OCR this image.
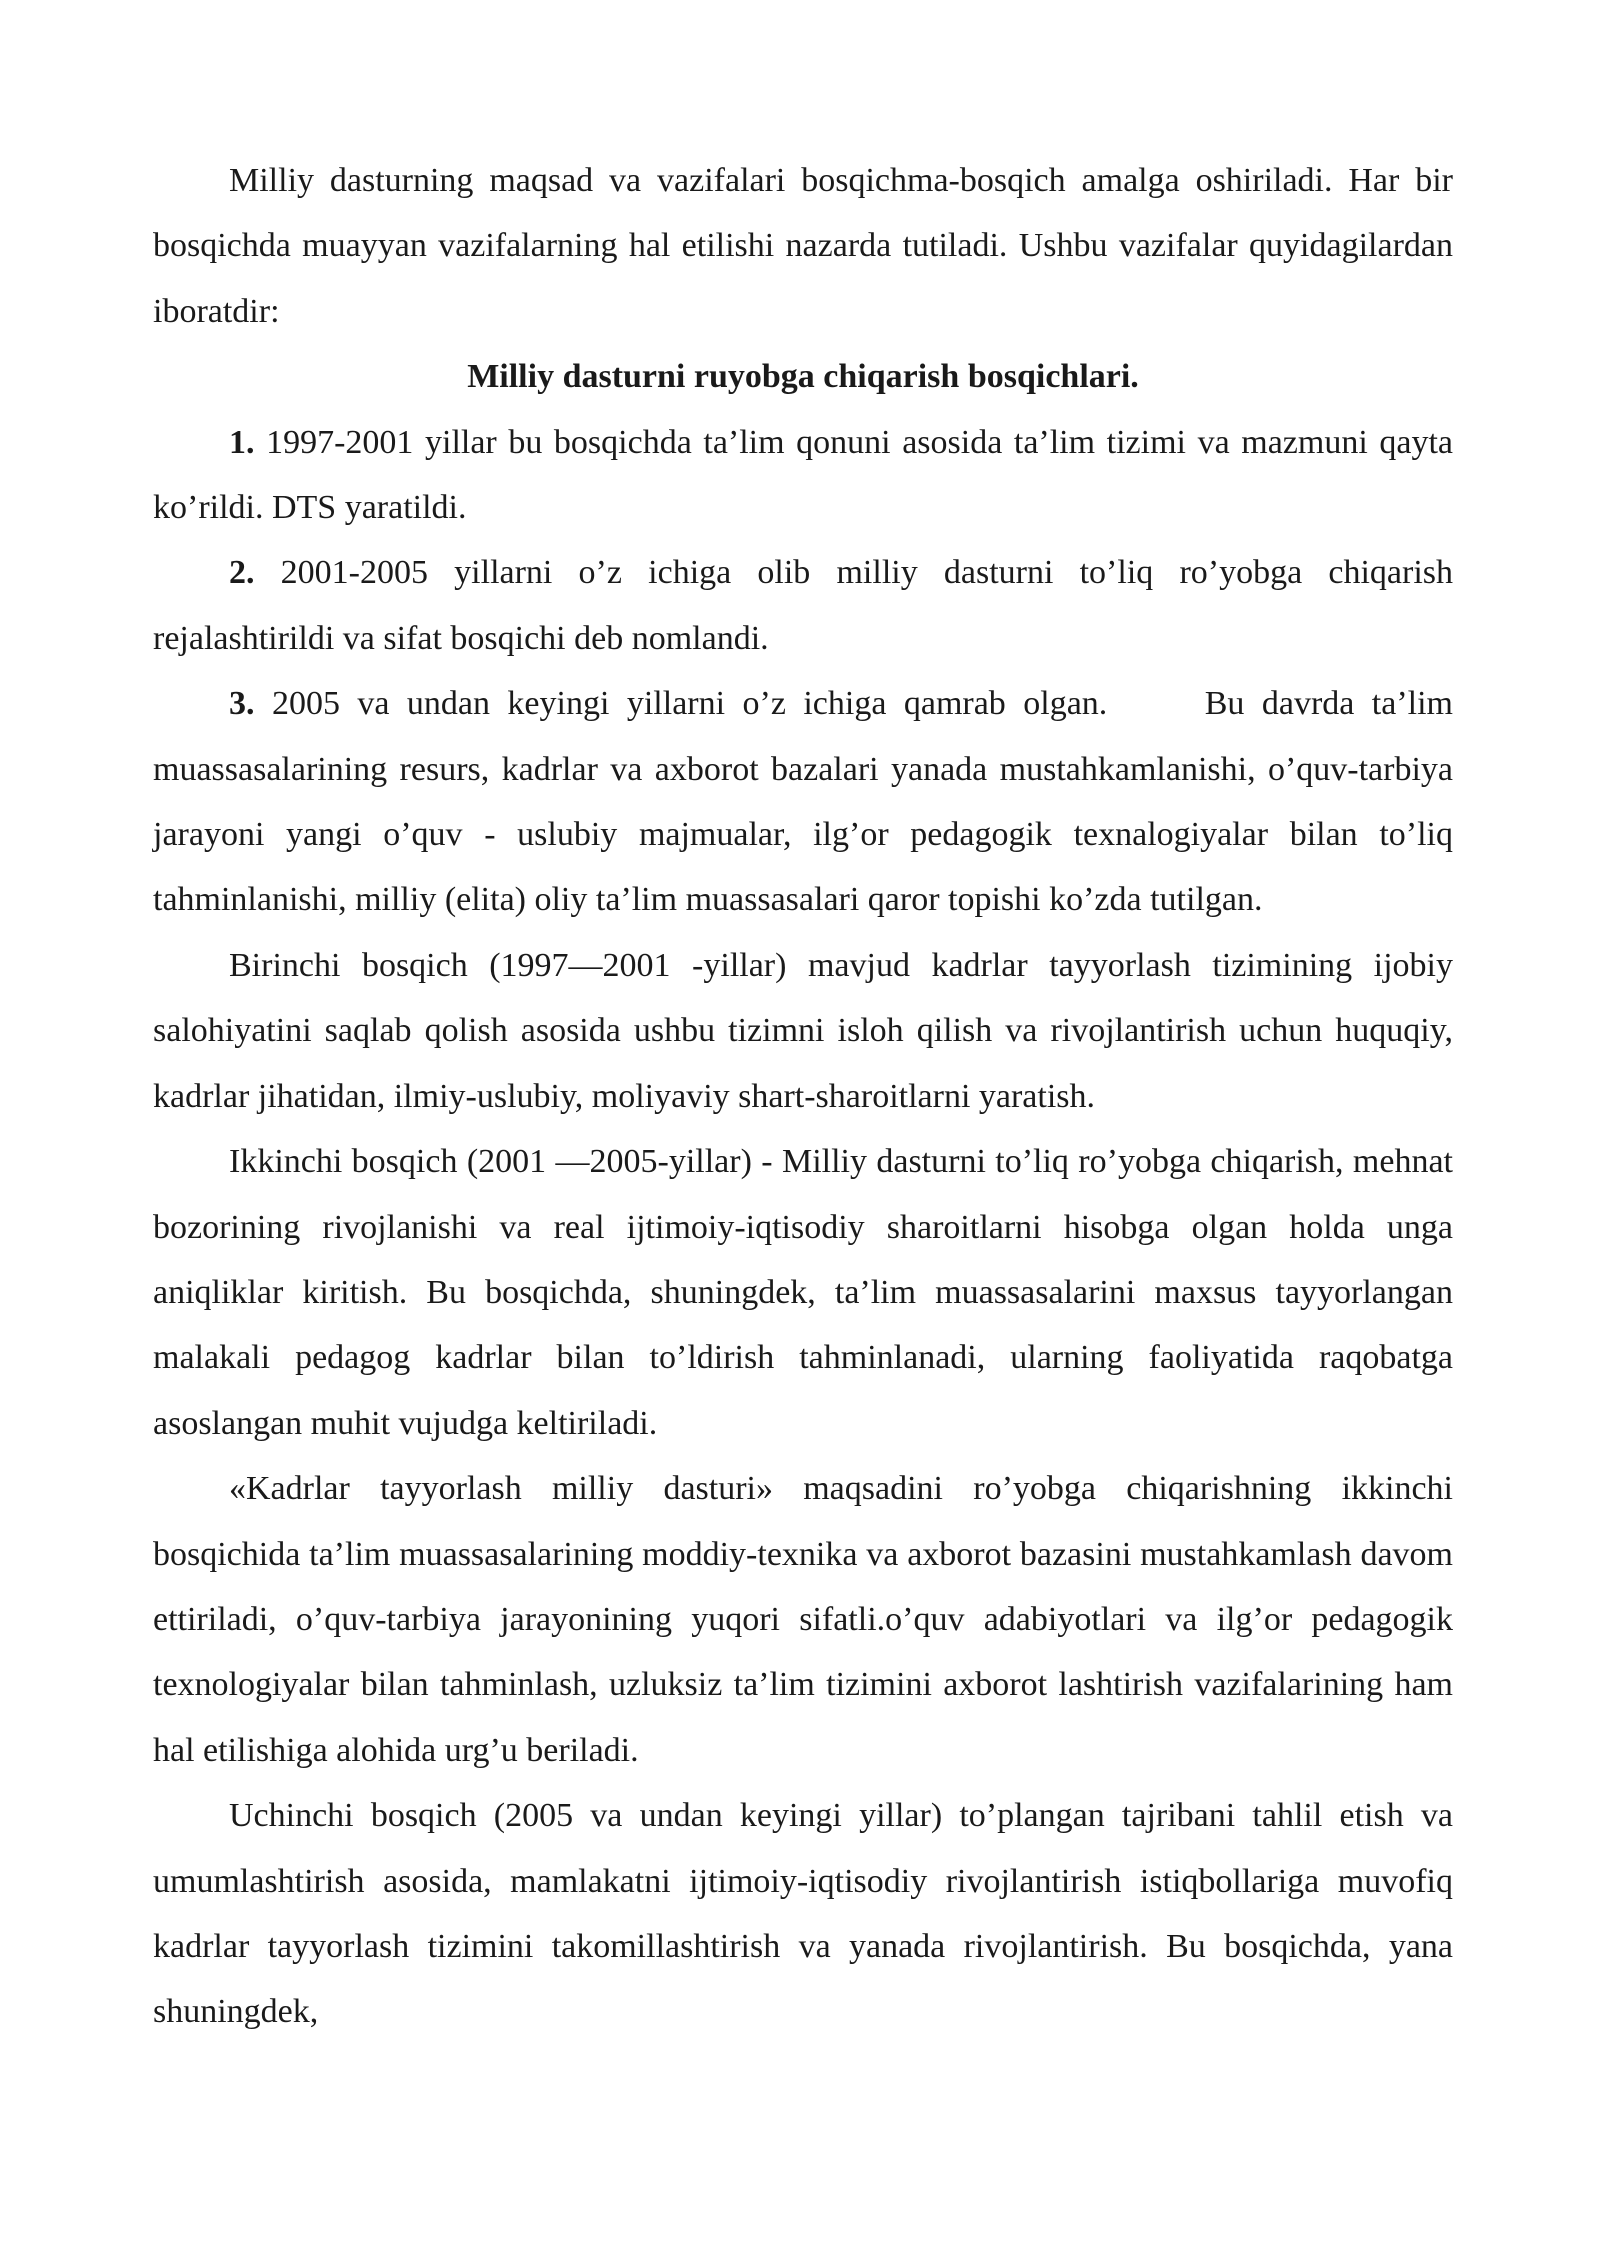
Milliy dasturning maqsad va vazifalari bosqichma-bosqich amalga oshiriladi. Har bir bosqichda muayyan vazifalarning hal etilishi nazarda tutiladi. Ushbu vazifalar quyidagilardan iboratdir:

Milliy dasturni ruyobga chiqarish bosqichlari.

1. 1997-2001 yillar bu bosqichda ta’lim qonuni asosida ta’lim tizimi va mazmuni qayta ko’rildi. DTS yaratildi.

2. 2001-2005 yillarni o’z ichiga olib milliy dasturni to’liq ro’yobga chiqarish rejalashtirildi va sifat bosqichi deb nomlandi.

3. 2005 va undan keyingi yillarni o’z ichiga qamrab olgan.	Bu davrda ta’lim muassasalarining resurs, kadrlar va axborot bazalari yanada mustahkamlanishi, o’quv-tarbiya jarayoni yangi o’quv - uslubiy majmualar, ilg’or pedagogik texnalogiyalar bilan to’liq tahminlanishi, milliy (elita) oliy ta’lim muassasalari qaror topishi ko’zda tutilgan.

Birinchi bosqich (1997—2001 -yillar) mavjud kadrlar tayyorlash tizimining ijobiy salohiyatini saqlab qolish asosida ushbu tizimni isloh qilish va rivojlantirish uchun huquqiy, kadrlar jihatidan, ilmiy-uslubiy, moliyaviy shart-sharoitlarni yaratish.

Ikkinchi bosqich (2001 —2005-yillar) - Milliy dasturni to’liq ro’yobga chiqarish, mehnat bozorining rivojlanishi va real ijtimoiy-iqtisodiy sharoitlarni hisobga olgan holda unga aniqliklar kiritish. Bu bosqichda, shuningdek, ta’lim muassasalarini maxsus tayyorlangan malakali pedagog kadrlar bilan to’ldirish tahminlanadi, ularning faoliyatida raqobatga asoslangan muhit vujudga keltiriladi.

«Kadrlar tayyorlash milliy dasturi» maqsadini ro’yobga chiqarishning ikkinchi bosqichida ta’lim muassasalarining moddiy-texnika va axborot bazasini mustahkamlash davom ettiriladi, o’quv-tarbiya jarayonining yuqori sifatli.o’quv adabiyotlari va ilg’or pedagogik texnologiyalar bilan tahminlash, uzluksiz ta’lim tizimini axborot lashtirish vazifalarining ham hal etilishiga alohida urg’u beriladi.

Uchinchi bosqich (2005 va undan keyingi yillar) to’plangan tajribani tahlil etish va umumlashtirish asosida, mamlakatni ijtimoiy-iqtisodiy rivojlantirish istiqbollariga muvofiq kadrlar tayyorlash tizimini takomillashtirish va yanada rivojlantirish. Bu bosqichda, yana shuningdek,
